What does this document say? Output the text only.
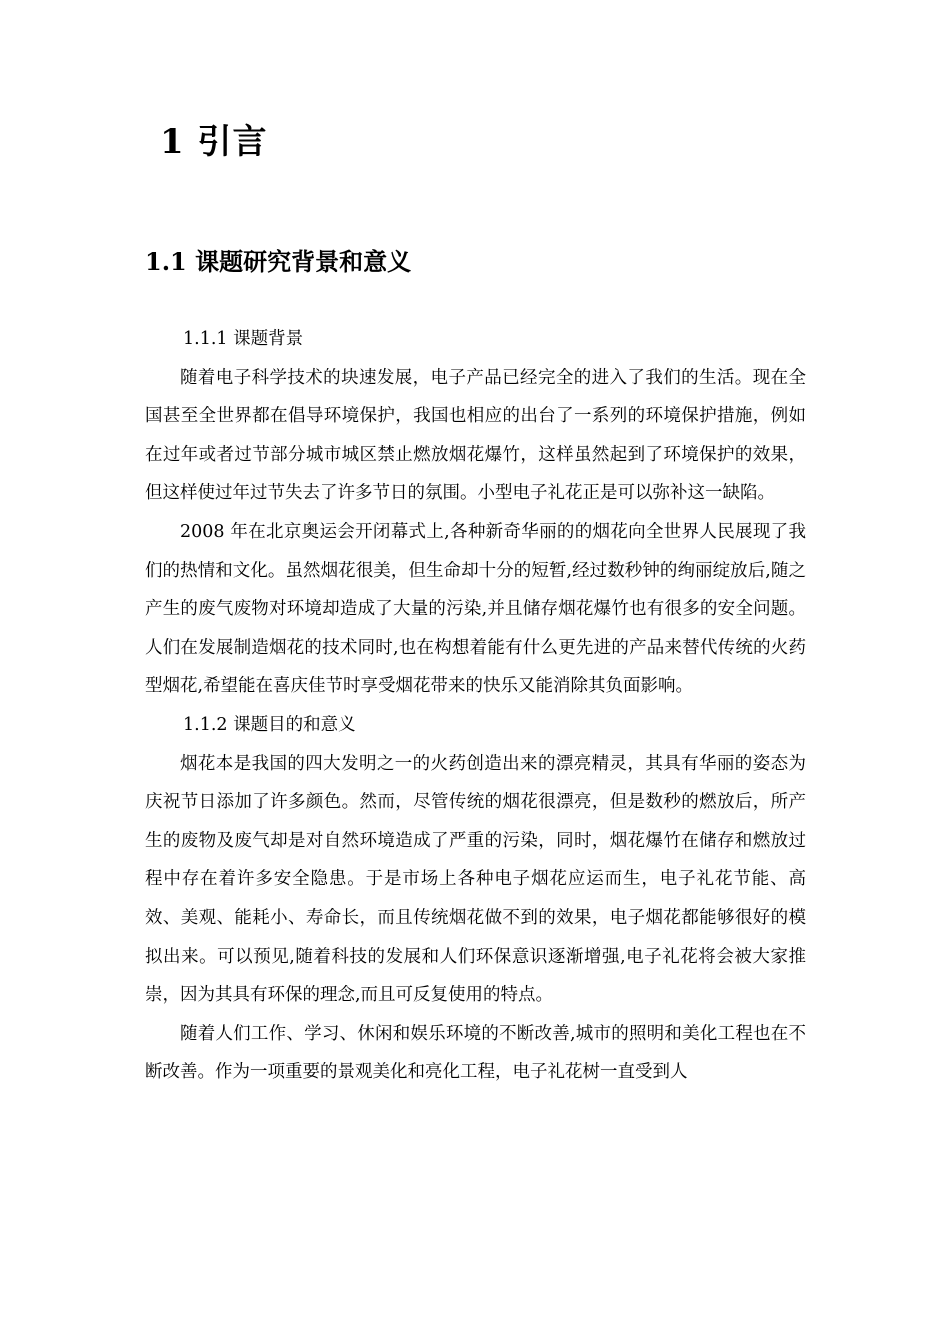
1 引言
1.1 课题研究背景和意义
1.1.1 课题背景

随着电子科学技术的块速发展，电子产品已经完全的进入了我们的生活。现在全国甚至全世界都在倡导环境保护，我国也相应的出台了一系列的环境保护措施，例如在过年或者过节部分城市城区禁止燃放烟花爆竹，这样虽然起到了环境保护的效果，但这样使过年过节失去了许多节日的氛围。小型电子礼花正是可以弥补这一缺陷。

2008 年在北京奥运会开闭幕式上,各种新奇华丽的的烟花向全世界人民展现了我们的热情和文化。虽然烟花很美，但生命却十分的短暂,经过数秒钟的绚丽绽放后,随之产生的废气废物对环境却造成了大量的污染,并且储存烟花爆竹也有很多的安全问题。人们在发展制造烟花的技术同时,也在构想着能有什么更先进的产品来替代传统的火药型烟花,希望能在喜庆佳节时享受烟花带来的快乐又能消除其负面影响。

1.1.2 课题目的和意义

烟花本是我国的四大发明之一的火药创造出来的漂亮精灵，其具有华丽的姿态为庆祝节日添加了许多颜色。然而，尽管传统的烟花很漂亮，但是数秒的燃放后，所产生的废物及废气却是对自然环境造成了严重的污染，同时，烟花爆竹在储存和燃放过程中存在着许多安全隐患。于是市场上各种电子烟花应运而生，电子礼花节能、高效、美观、能耗小、寿命长，而且传统烟花做不到的效果，电子烟花都能够很好的模拟出来。可以预见,随着科技的发展和人们环保意识逐渐增强,电子礼花将会被大家推崇，因为其具有环保的理念,而且可反复使用的特点。

随着人们工作、学习、休闲和娱乐环境的不断改善,城市的照明和美化工程也在不断改善。作为一项重要的景观美化和亮化工程，电子礼花树一直受到人
